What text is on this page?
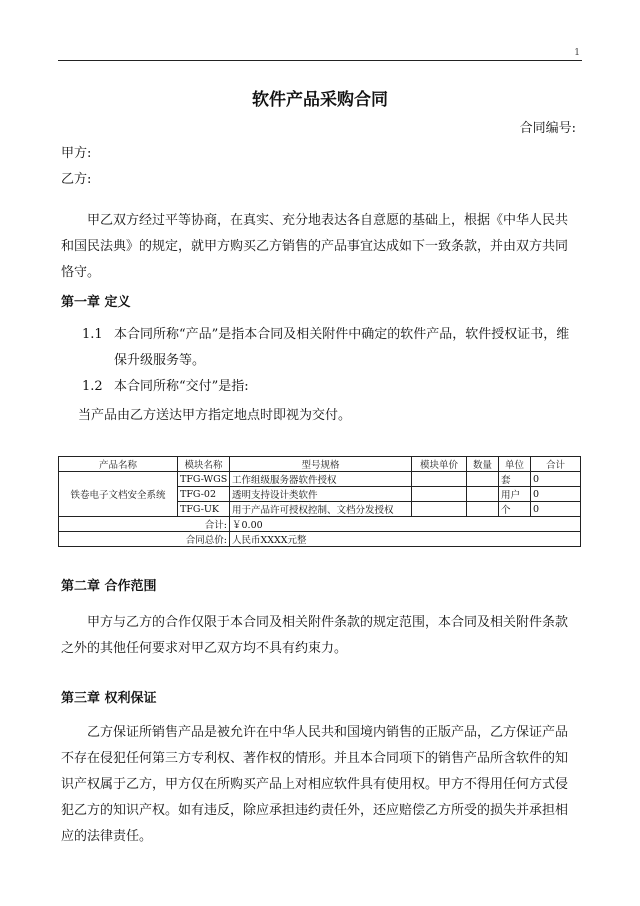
1
软件产品采购合同
合同编号:
甲方:
乙方:
甲乙双方经过平等协商，在真实、充分地表达各自意愿的基础上，根据《中华人民共和国民法典》的规定，就甲方购买乙方销售的产品事宜达成如下一致条款，并由双方共同恪守。
第一章 定义
1.1 本合同所称“产品”是指本合同及相关附件中确定的软件产品，软件授权证书，维
保升级服务等。
1.2 本合同所称“交付”是指:
当产品由乙方送达甲方指定地点时即视为交付。
产品名称	模块名称	型号规格	模块单价	数量	单位	合计
铁卷电子文档安全系统	TFG-WGS	工作组级服务器软件授权			套	0
	TFG-02	透明支持设计类软件			用户	0
	TFG-UK	用于产品许可授权控制、文档分发授权			个	0
合计:		￥0.00				
合同总价:		人民币XXXX元整				
第二章 合作范围
甲方与乙方的合作仅限于本合同及相关附件条款的规定范围，本合同及相关附件条款之外的其他任何要求对甲乙双方均不具有约束力。
第三章 权利保证
乙方保证所销售产品是被允许在中华人民共和国境内销售的正版产品，乙方保证产品不存在侵犯任何第三方专利权、著作权的情形。并且本合同项下的销售产品所含软件的知识产权属于乙方，甲方仅在所购买产品上对相应软件具有使用权。甲方不得用任何方式侵犯乙方的知识产权。如有违反，除应承担违约责任外，还应赔偿乙方所受的损失并承担相应的法律责任。
